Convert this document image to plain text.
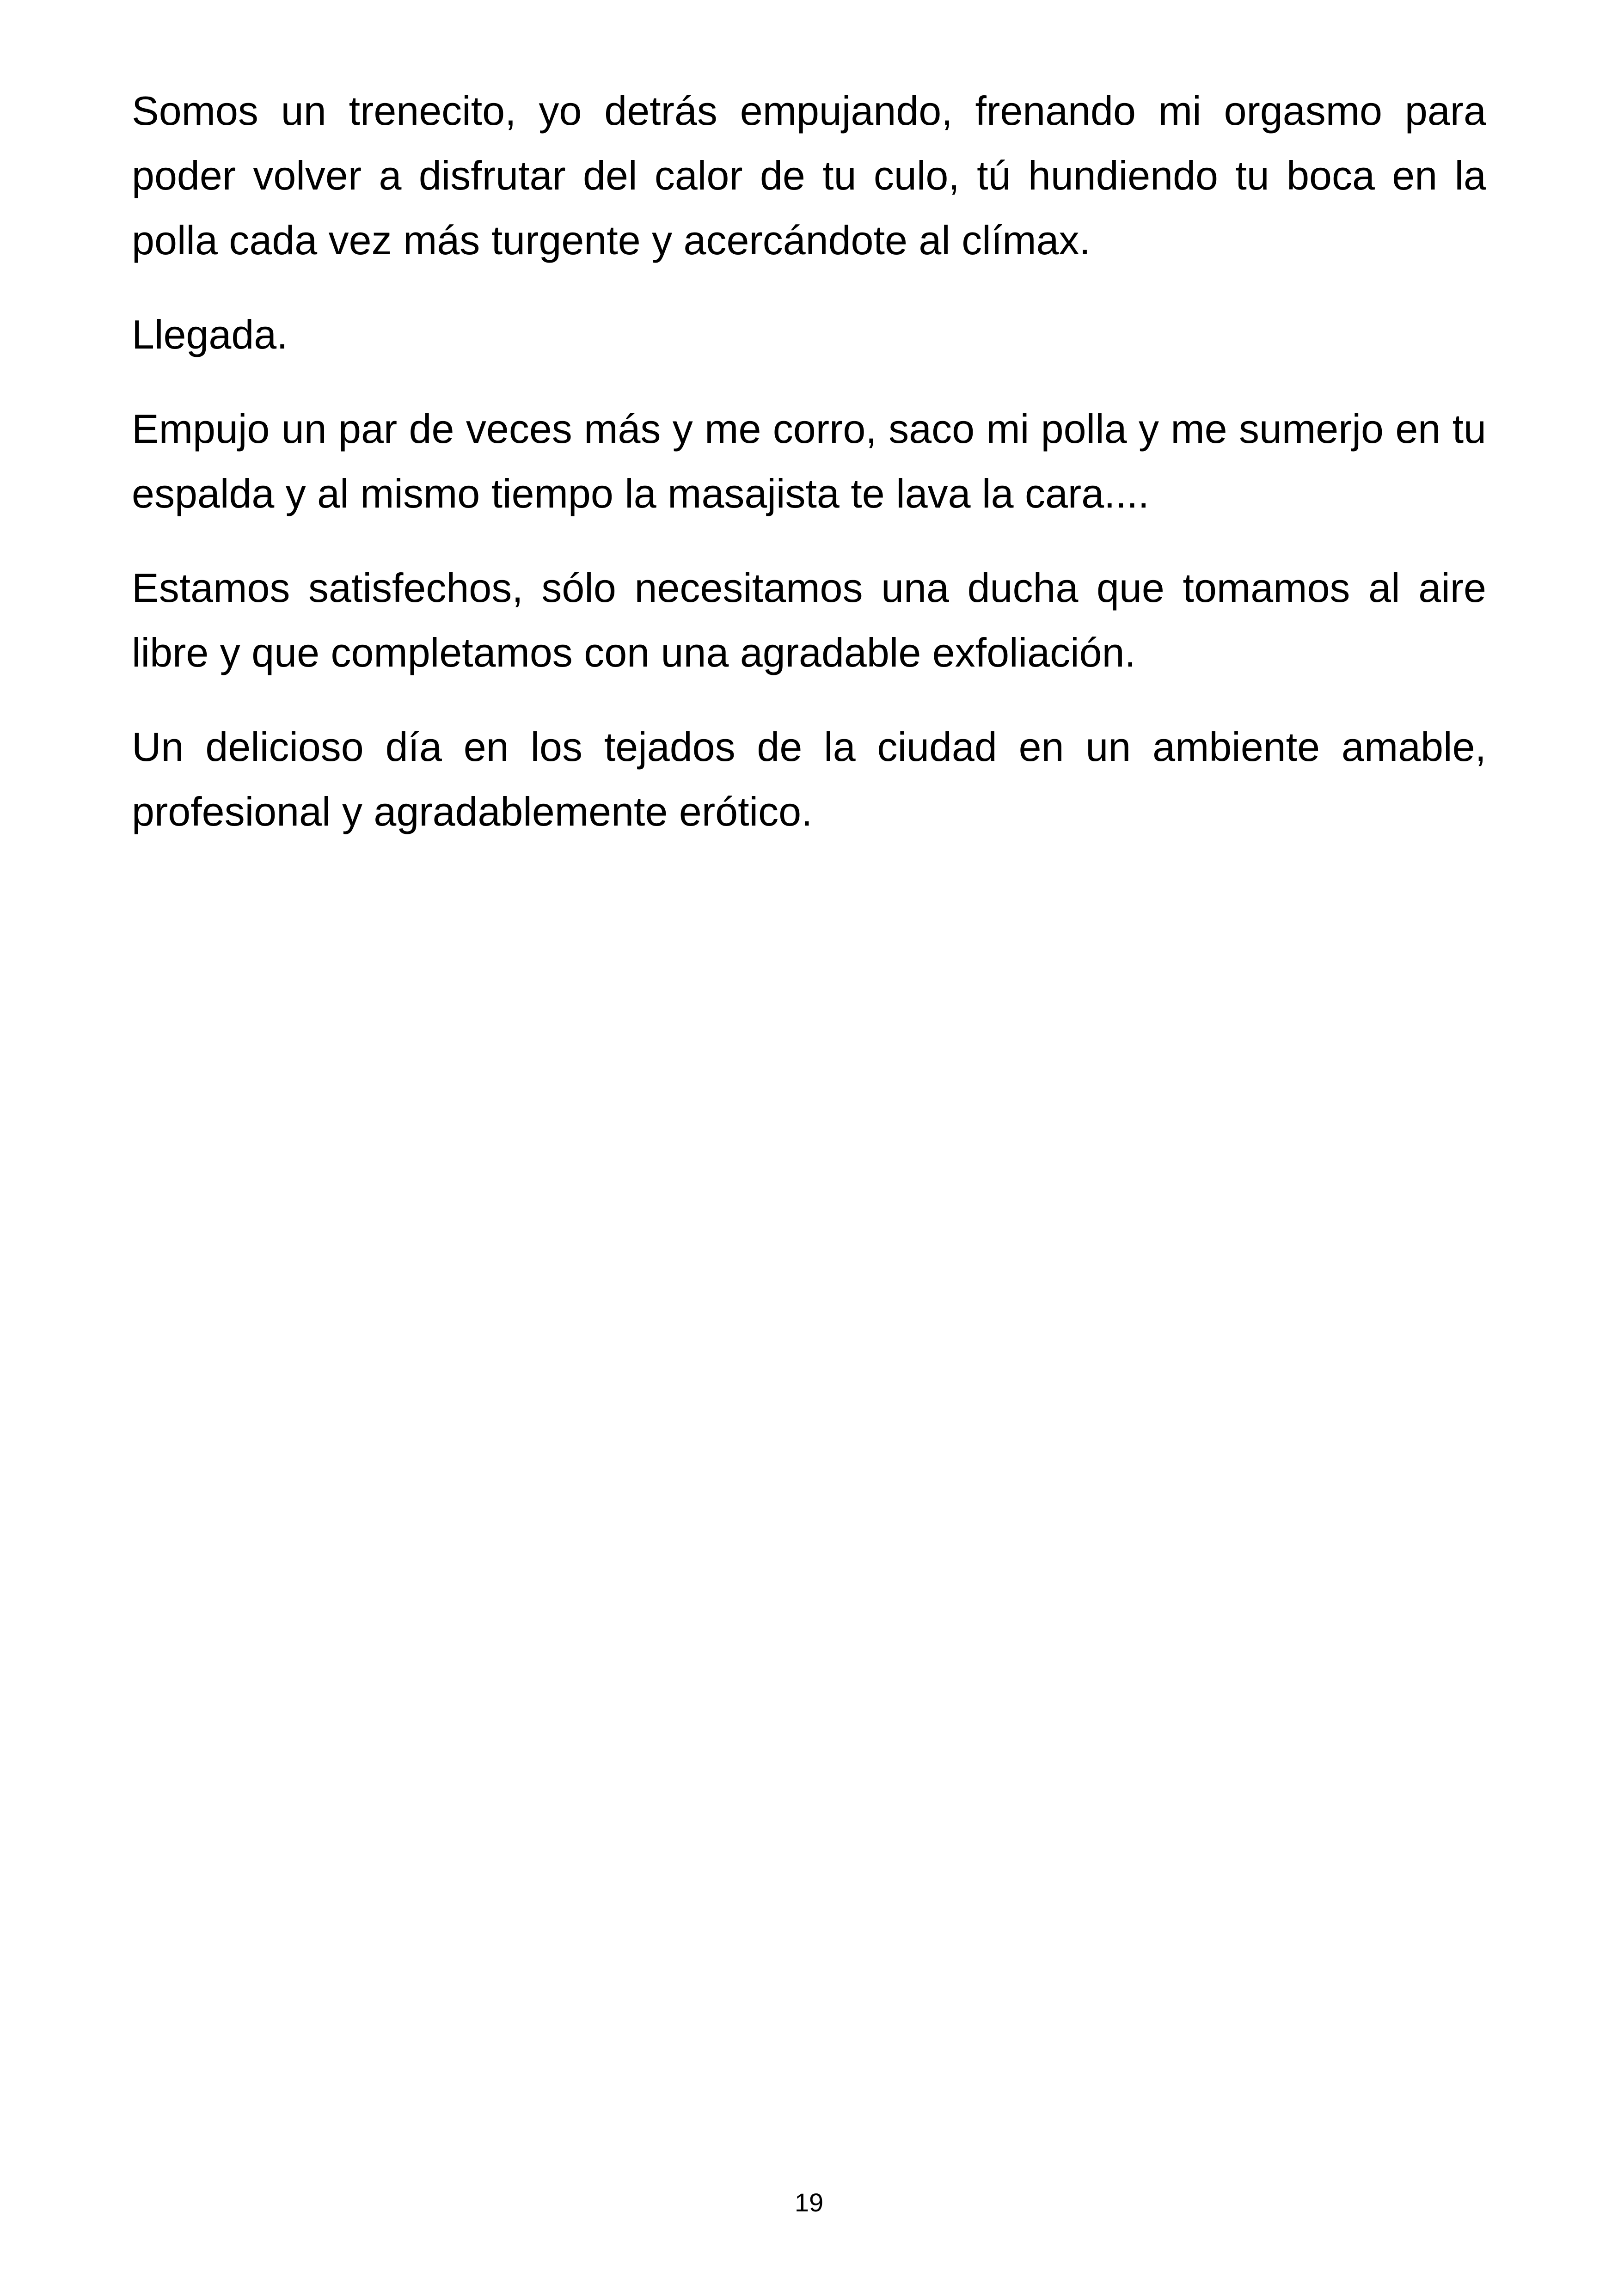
Somos un trenecito, yo detrás empujando, frenando mi orgasmo para poder volver a disfrutar del calor de tu culo, tú hundiendo tu boca en la polla cada vez más turgente y acercándote al clímax.

Llegada.

Empujo un par de veces más y me corro, saco mi polla y me sumerjo en tu espalda y al mismo tiempo la masajista te lava la cara....

Estamos satisfechos, sólo necesitamos una ducha que tomamos al aire libre y que completamos con una agradable exfoliación.

Un delicioso día en los tejados de la ciudad en un ambiente amable, profesional y agradablemente erótico.

19
